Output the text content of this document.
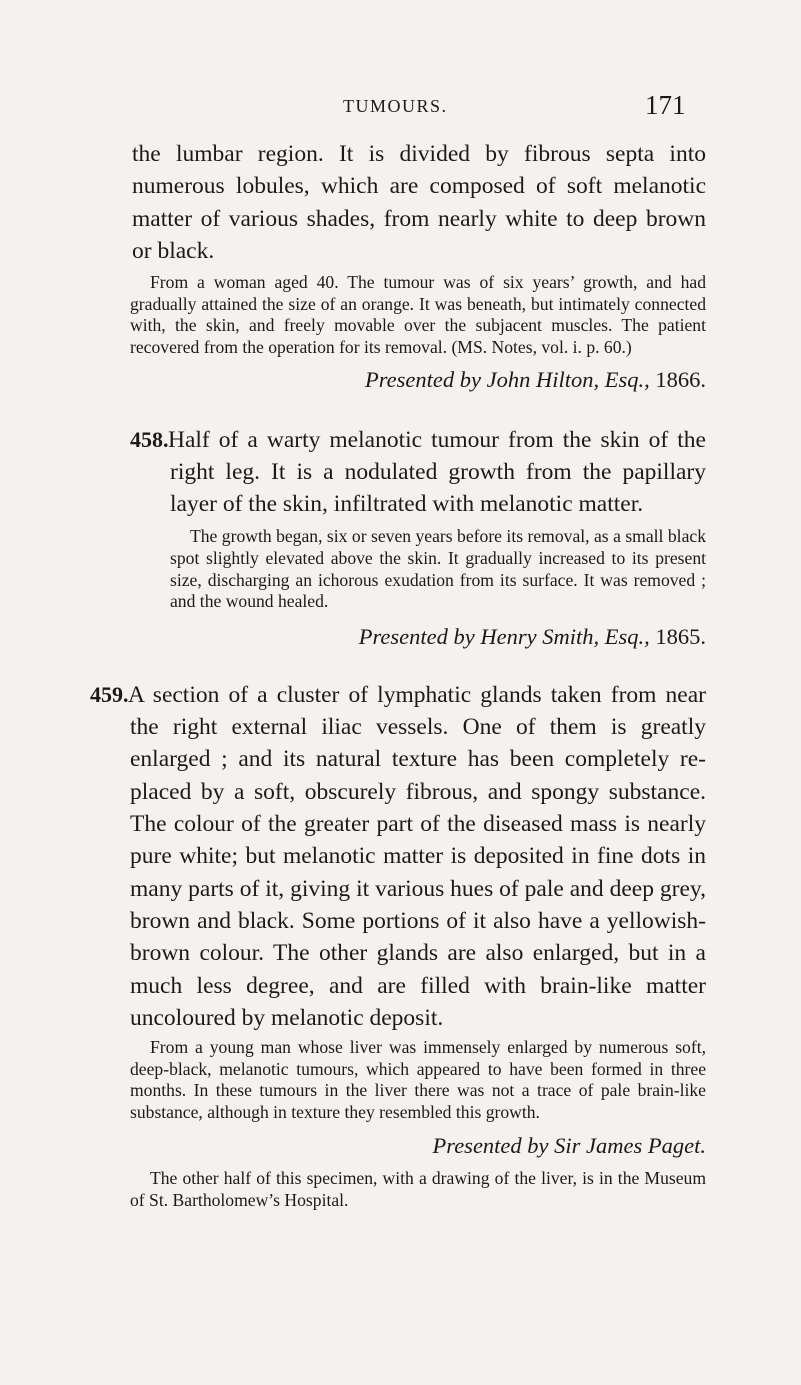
TUMOURS.	171

the lumbar region. It is divided by fibrous septa into numerous lobules, which are composed of soft melanotic matter of various shades, from nearly white to deep brown or black.

From a woman aged 40. The tumour was of six years’ growth, and had gradually attained the size of an orange. It was beneath, but intimately connected with, the skin, and freely movable over the subjacent muscles. The patient recovered from the operation for its removal. (MS. Notes, vol. i. p. 60.)

Presented by John Hilton, Esq., 1866.

458.Half of a warty melanotic tumour from the skin of the right leg. It is a nodulated growth from the papillary layer of the skin, infiltrated with melanotic matter.

The growth began, six or seven years before its removal, as a small black spot slightly elevated above the skin. It gradually increased to its present size, discharging an ichorous exudation from its surface. It was removed ; and the wound healed.

Presented by Henry Smith, Esq., 1865.

459.A section of a cluster of lymphatic glands taken from near the right external iliac vessels. One of them is greatly enlarged ; and its natural texture has been completely replaced by a soft, obscurely fibrous, and spongy substance. The colour of the greater part of the diseased mass is nearly pure white; but melanotic matter is deposited in fine dots in many parts of it, giving it various hues of pale and deep grey, brown and black. Some portions of it also have a yellowish-brown colour. The other glands are also enlarged, but in a much less degree, and are filled with brain-like matter uncoloured by melanotic deposit.

From a young man whose liver was immensely enlarged by numerous soft, deep-black, melanotic tumours, which appeared to have been formed in three months. In these tumours in the liver there was not a trace of pale brain-like substance, although in texture they resembled this growth.

Presented by Sir James Paget.

The other half of this specimen, with a drawing of the liver, is in the Museum of St. Bartholomew’s Hospital.
